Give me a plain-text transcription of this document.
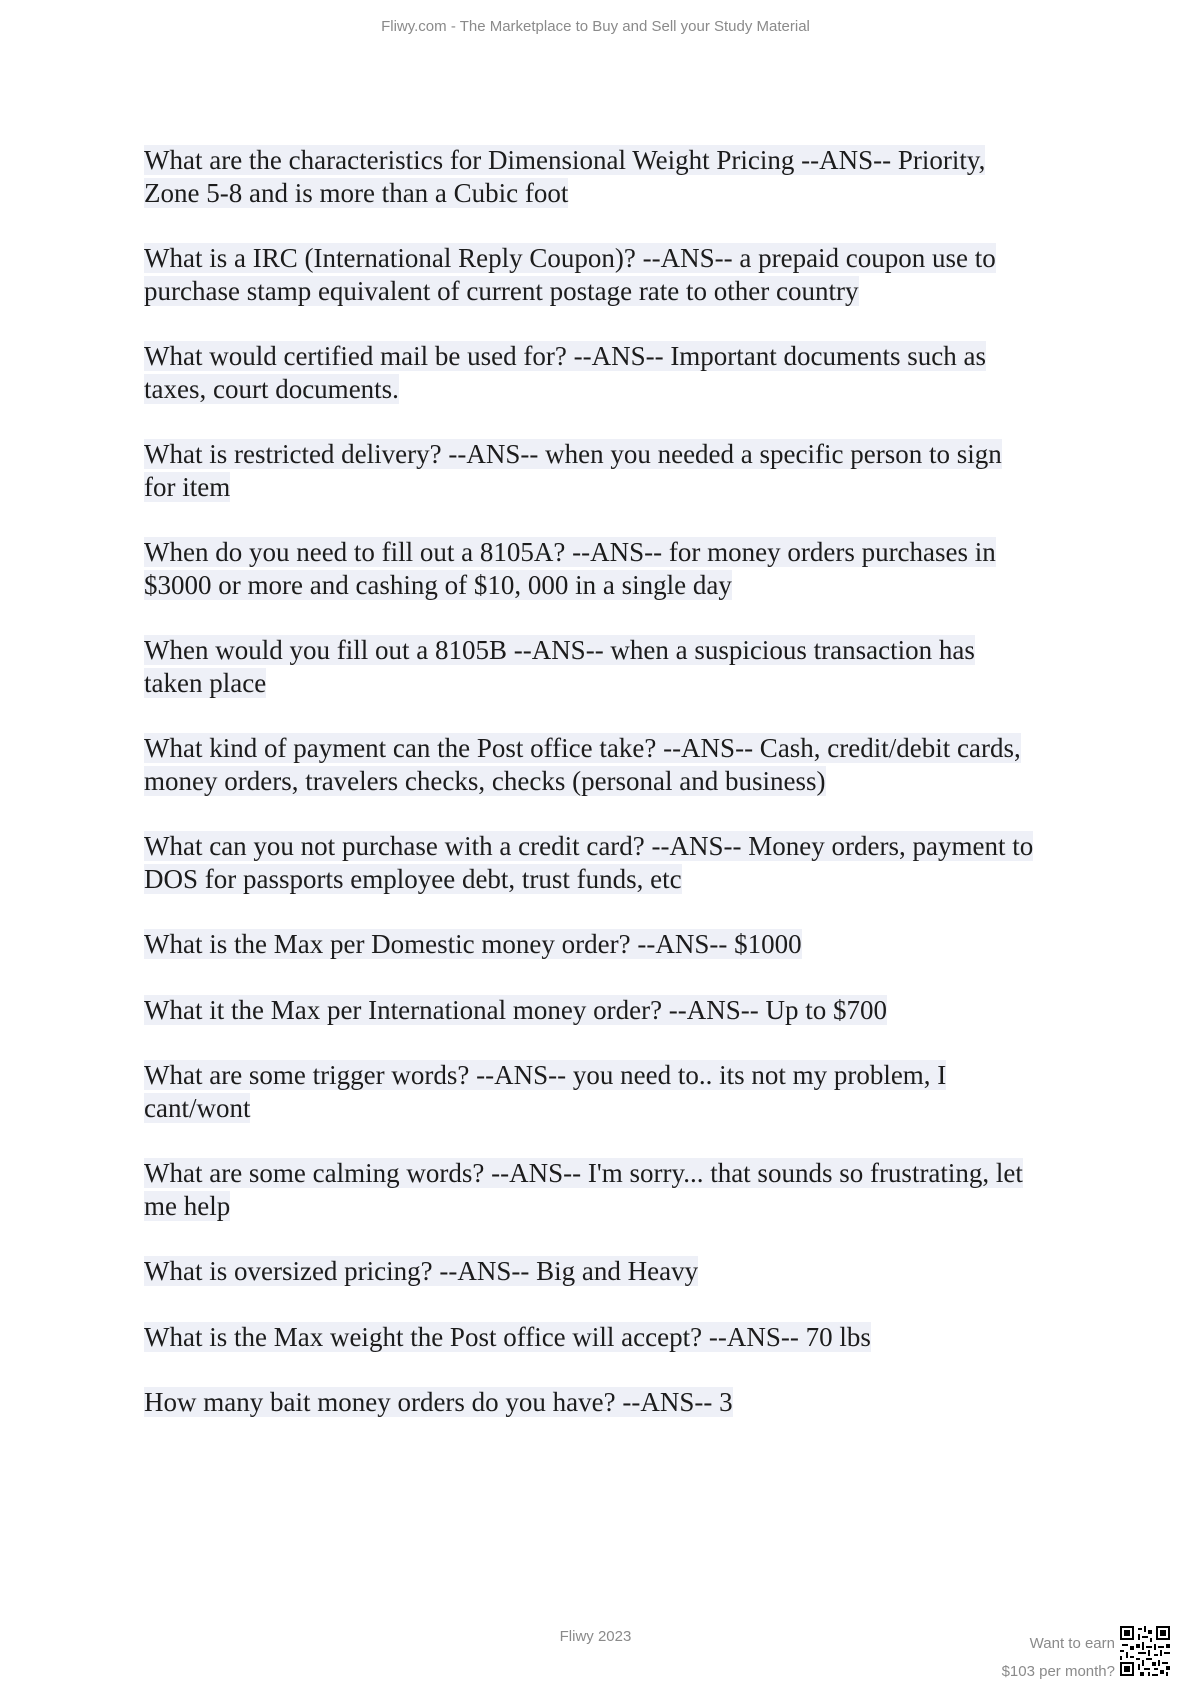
Fliwy.com - The Marketplace to Buy and Sell your Study Material
What are the characteristics for Dimensional Weight Pricing --ANS-- Priority,
Zone 5-8 and is more than a Cubic foot
What is a IRC (International Reply Coupon)? --ANS-- a prepaid coupon use to
purchase stamp equivalent of current postage rate to other country
What would certified mail be used for? --ANS-- Important documents such as
taxes, court documents.
What is restricted delivery? --ANS-- when you needed a specific person to sign
for item
When do you need to fill out a 8105A? --ANS-- for money orders purchases in
$3000 or more and cashing of $10, 000 in a single day
When would you fill out a 8105B --ANS-- when a suspicious transaction has
taken place
What kind of payment can the Post office take? --ANS-- Cash, credit/debit cards,
money orders, travelers checks, checks (personal and business)
What can you not purchase with a credit card? --ANS-- Money orders, payment to
DOS for passports employee debt, trust funds, etc
What is the Max per Domestic money order? --ANS-- $1000
What it the Max per International money order? --ANS-- Up to $700
What are some trigger words? --ANS-- you need to.. its not my problem, I
cant/wont
What are some calming words? --ANS-- I'm sorry... that sounds so frustrating, let
me help
What is oversized pricing? --ANS-- Big and Heavy
What is the Max weight the Post office will accept? --ANS-- 70 lbs
How many bait money orders do you have? --ANS-- 3
Fliwy 2023	Want to earn
$103 per month?
